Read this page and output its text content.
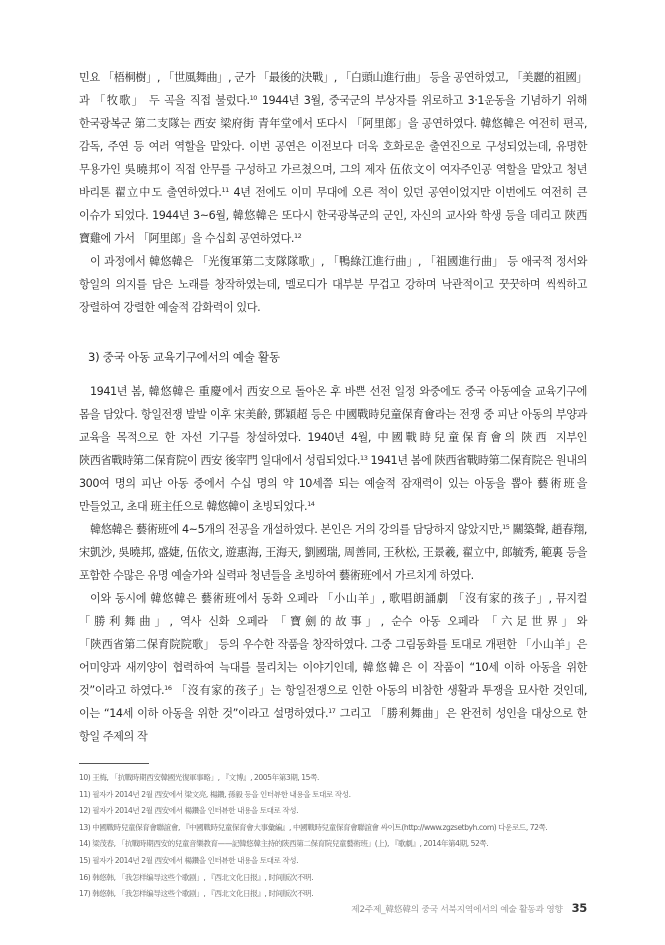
민요 「梧桐樹」, 「世風舞曲」, 군가 「最後的決戰」, 「白頭山進行曲」 등을 공연하였고, 「美麗的祖國」과 「牧歌」 두 곡을 직접 불렀다.$^{10}$ 1944년 3월, 중국군의 부상자를 위로하고 3·1운동을 기념하기 위해 한국광복군 第二支隊는 西安 梁府街 青年堂에서 또다시 「阿里郎」을 공연하였다. 韓悠韓은 여전히 편곡, 감독, 주연 등 여러 역할을 맡았다. 이번 공연은 이전보다 더욱 호화로운 출연진으로 구성되었는데, 유명한 무용가인 吳曉邦이 직접 안무를 구성하고 가르쳤으며, 그의 제자 伍依文이 여자주인공 역할을 맡았고 청년 바리톤 翟立中도 출연하였다.$^{11}$ 4년 전에도 이미 무대에 오른 적이 있던 공연이었지만 이번에도 여전히 큰 이슈가 되었다. 1944년 3~6월, 韓悠韓은 또다시 한국광복군의 군인, 자신의 교사와 학생 등을 데리고 陝西 寶雞에 가서 「阿里郎」을 수십회 공연하였다.$^{12}$

이 과정에서 韓悠韓은 「光復軍第二支隊隊歌」, 「鴨綠江進行曲」, 「祖國進行曲」 등 애국적 정서와 항일의 의지를 담은 노래를 창작하였는데, 멜로디가 대부분 무겁고 강하며 낙관적이고 꿋꿋하며 씩씩하고 장렬하여 강렬한 예술적 감화력이 있다.

3) 중국 아동 교육기구에서의 예술 활동

1941년 봄, 韓悠韓은 重慶에서 西安으로 돌아온 후 바쁜 선전 일정 와중에도 중국 아동예술 교육기구에 몸을 담았다. 항일전쟁 발발 이후 宋美齡, 鄧穎超 등은 中國戰時兒童保育會라는 전쟁 중 피난 아동의 부양과 교육을 목적으로 한 자선 기구를 창설하였다. 1940년 4월, 中國戰時兒童保育會의 陝西 지부인 陝西省戰時第二保育院이 西安 後宰門 일대에서 성립되었다.$^{13}$ 1941년 봄에 陝西省戰時第二保育院은 원내의 300여 명의 피난 아동 중에서 수십 명의 약 10세쯤 되는 예술적 잠재력이 있는 아동을 뽑아 藝術班을 만들었고, 초대 班主任으로 韓悠韓이 초빙되었다.$^{14}$

韓悠韓은 藝術班에 4~5개의 전공을 개설하였다. 본인은 거의 강의를 담당하지 않았지만,$^{15}$ 關築聲, 趙春翔, 宋凱沙, 吳曉邦, 盛婕, 伍依文, 遊惠海, 王海天, 劉國瑞, 周善同, 王秋松, 王景羲, 翟立中, 郎毓秀, 範裏 등을 포함한 수많은 유명 예술가와 실력파 청년들을 초빙하여 藝術班에서 가르치게 하였다.

이와 동시에 韓悠韓은 藝術班에서 동화 오페라 「小山羊」, 歌唱朗誦劇 「沒有家的孩子」, 뮤지컬 「勝利舞曲」, 역사 신화 오페라 「寶劍的故事」, 순수 아동 오페라 「六足世界」와 「陝西省第二保育院院歌」 등의 우수한 작품을 창작하였다. 그중 그림동화를 토대로 개편한 「小山羊」은 어미양과 새끼양이 협력하여 늑대를 물리치는 이야기인데, 韓悠韓은 이 작품이 “10세 이하 아동을 위한 것”이라고 하였다.$^{16}$ 「沒有家的孩子」는 항일전쟁으로 인한 아동의 비참한 생활과 투쟁을 묘사한 것인데, 이는 “14세 이하 아동을 위한 것”이라고 설명하였다.$^{17}$ 그리고 「勝利舞曲」은 완전히 성인을 대상으로 한 항일 주제의 작

10) 王梅, 「抗戰時期西安韓國光復軍事略」, 『文博』, 2005年第3期, 15쪽.
11) 필자가 2014년 2월 西安에서 梁文亮, 楊鑽, 孫毅 등을 인터뷰한 내용을 토대로 작성.
12) 필자가 2014년 2월 西安에서 楊鑽을 인터뷰한 내용을 토대로 작성.
13) 中國戰時兒童保育會聯誼會, 『中國戰時兒童保育會大事彙編』, 中國戰時兒童保育會聯誼會 싸이트(http://www.zgzsetbyh.com) 다운로드, 72쪽.
14) 梁茂春, 「抗戰時期西安的兒童音樂教育——記韓悠韓主持的陝西第二保育院兒童藝術班」(上), 『歌劇』, 2014年第4期, 52쪽.
15) 필자가 2014년 2월 西安에서 楊鑽을 인터뷰한 내용을 토대로 작성.
16) 韩悠韩, 「我怎样编导这些个歌剧」, 『西北文化日报』, 时间版次不明.
17) 韩悠韩, 「我怎样编导这些个歌剧」, 『西北文化日报』, 时间版次不明.
제2주제_韓悠韓의 중국 서북지역에서의 예술 활동과 영향 35
